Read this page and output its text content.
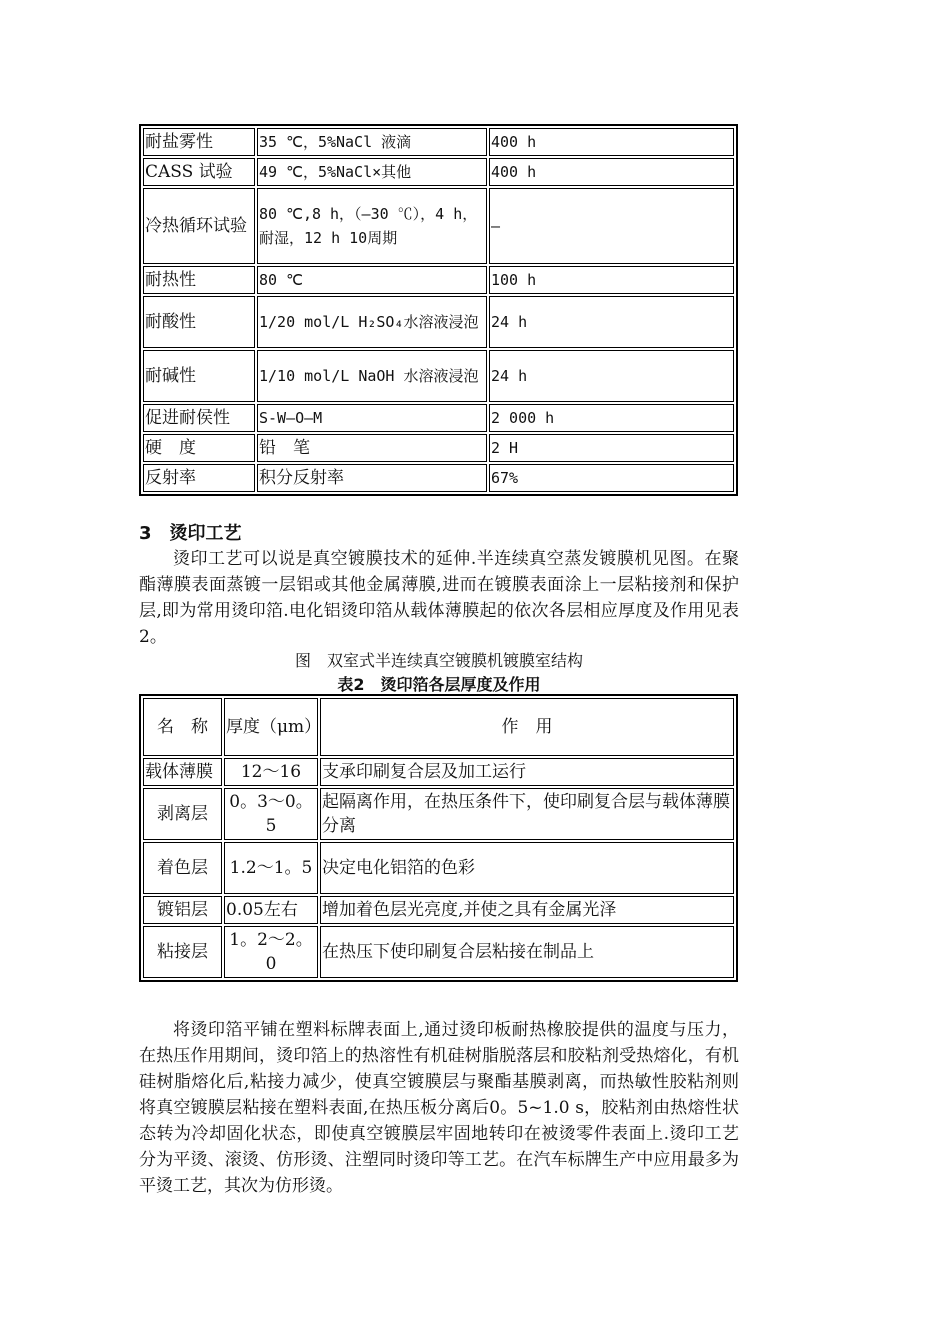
耐盐雾性	35 ℃，5%NaCl 液滴	400 h
CASS 试验	49 ℃，5%NaCl×其他	400 h
冷热循环试验	80 ℃,8 h，（—30 ℃），4 h，耐湿，12 h 10周期	—
耐热性	80 ℃	100 h
耐酸性	1/20 mol/L H₂SO₄水溶液浸泡	24 h
耐碱性	1/10 mol/L NaOH 水溶液浸泡	24 h
促进耐侯性	S-W—O—M	2 000 h
硬　度	铅　笔	2 H
反射率	积分反射率	67%
3　烫印工艺

烫印工艺可以说是真空镀膜技术的延伸.半连续真空蒸发镀膜机见图。在聚酯薄膜表面蒸镀一层铝或其他金属薄膜,进而在镀膜表面涂上一层粘接剂和保护层,即为常用烫印箔.电化铝烫印箔从载体薄膜起的依次各层相应厚度及作用见表2。

图　双室式半连续真空镀膜机镀膜室结构
表2　烫印箔各层厚度及作用
名　称	厚度（μm）	作　用
载体薄膜	12～16	支承印刷复合层及加工运行
剥离层	0。3～0。5	起隔离作用，在热压条件下，使印刷复合层与载体薄膜分离
着色层	1.2～1。5	决定电化铝箔的色彩
镀铝层	0.05左右	增加着色层光亮度,并使之具有金属光泽
粘接层	1。2～2。0	在热压下使印刷复合层粘接在制品上

将烫印箔平铺在塑料标牌表面上,通过烫印板耐热橡胶提供的温度与压力，在热压作用期间，烫印箔上的热溶性有机硅树脂脱落层和胶粘剂受热熔化，有机硅树脂熔化后,粘接力减少，使真空镀膜层与聚酯基膜剥离，而热敏性胶粘剂则将真空镀膜层粘接在塑料表面,在热压板分离后0。5~1.0 s，胶粘剂由热熔性状态转为冷却固化状态，即使真空镀膜层牢固地转印在被烫零件表面上.烫印工艺分为平烫、滚烫、仿形烫、注塑同时烫印等工艺。在汽车标牌生产中应用最多为平烫工艺，其次为仿形烫。
